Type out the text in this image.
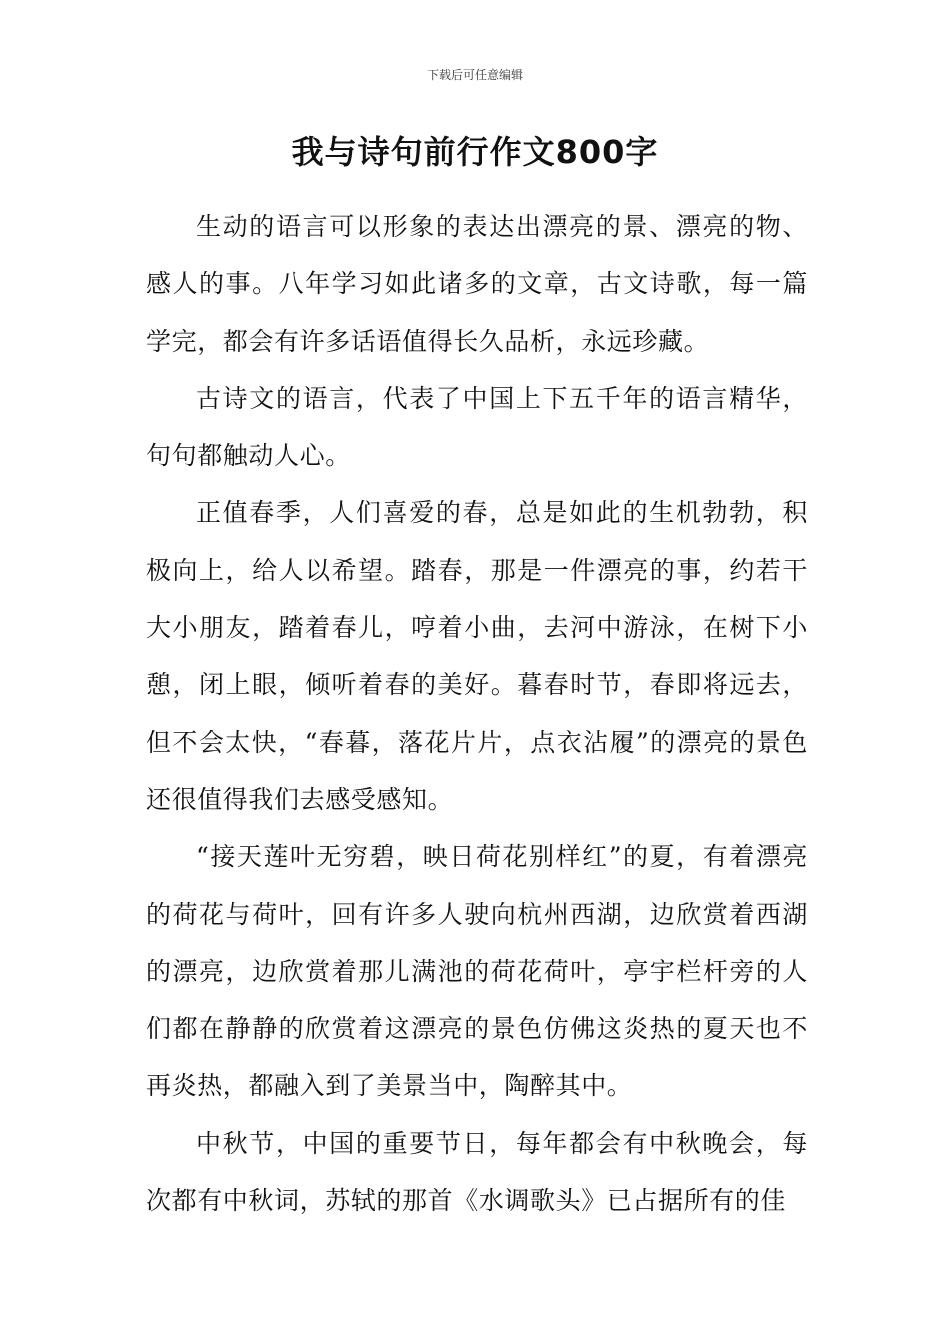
下载后可任意编辑
我与诗句前行作文800字

生动的语言可以形象的表达出漂亮的景、漂亮的物、感人的事。八年学习如此诸多的文章，古文诗歌，每一篇学完，都会有许多话语值得长久品析，永远珍藏。

古诗文的语言，代表了中国上下五千年的语言精华，句句都触动人心。

正值春季，人们喜爱的春，总是如此的生机勃勃，积极向上，给人以希望。踏春，那是一件漂亮的事，约若干大小朋友，踏着春儿，哼着小曲，去河中游泳，在树下小憩，闭上眼，倾听着春的美好。暮春时节，春即将远去，但不会太快，“春暮，落花片片，点衣沾履”的漂亮的景色还很值得我们去感受感知。

“接天莲叶无穷碧，映日荷花别样红”的夏，有着漂亮的荷花与荷叶，回有许多人驶向杭州西湖，边欣赏着西湖的漂亮，边欣赏着那儿满池的荷花荷叶，亭宇栏杆旁的人们都在静静的欣赏着这漂亮的景色仿佛这炎热的夏天也不再炎热，都融入到了美景当中，陶醉其中。

中秋节，中国的重要节日，每年都会有中秋晚会，每次都有中秋词，苏轼的那首《水调歌头》已占据所有的佳
